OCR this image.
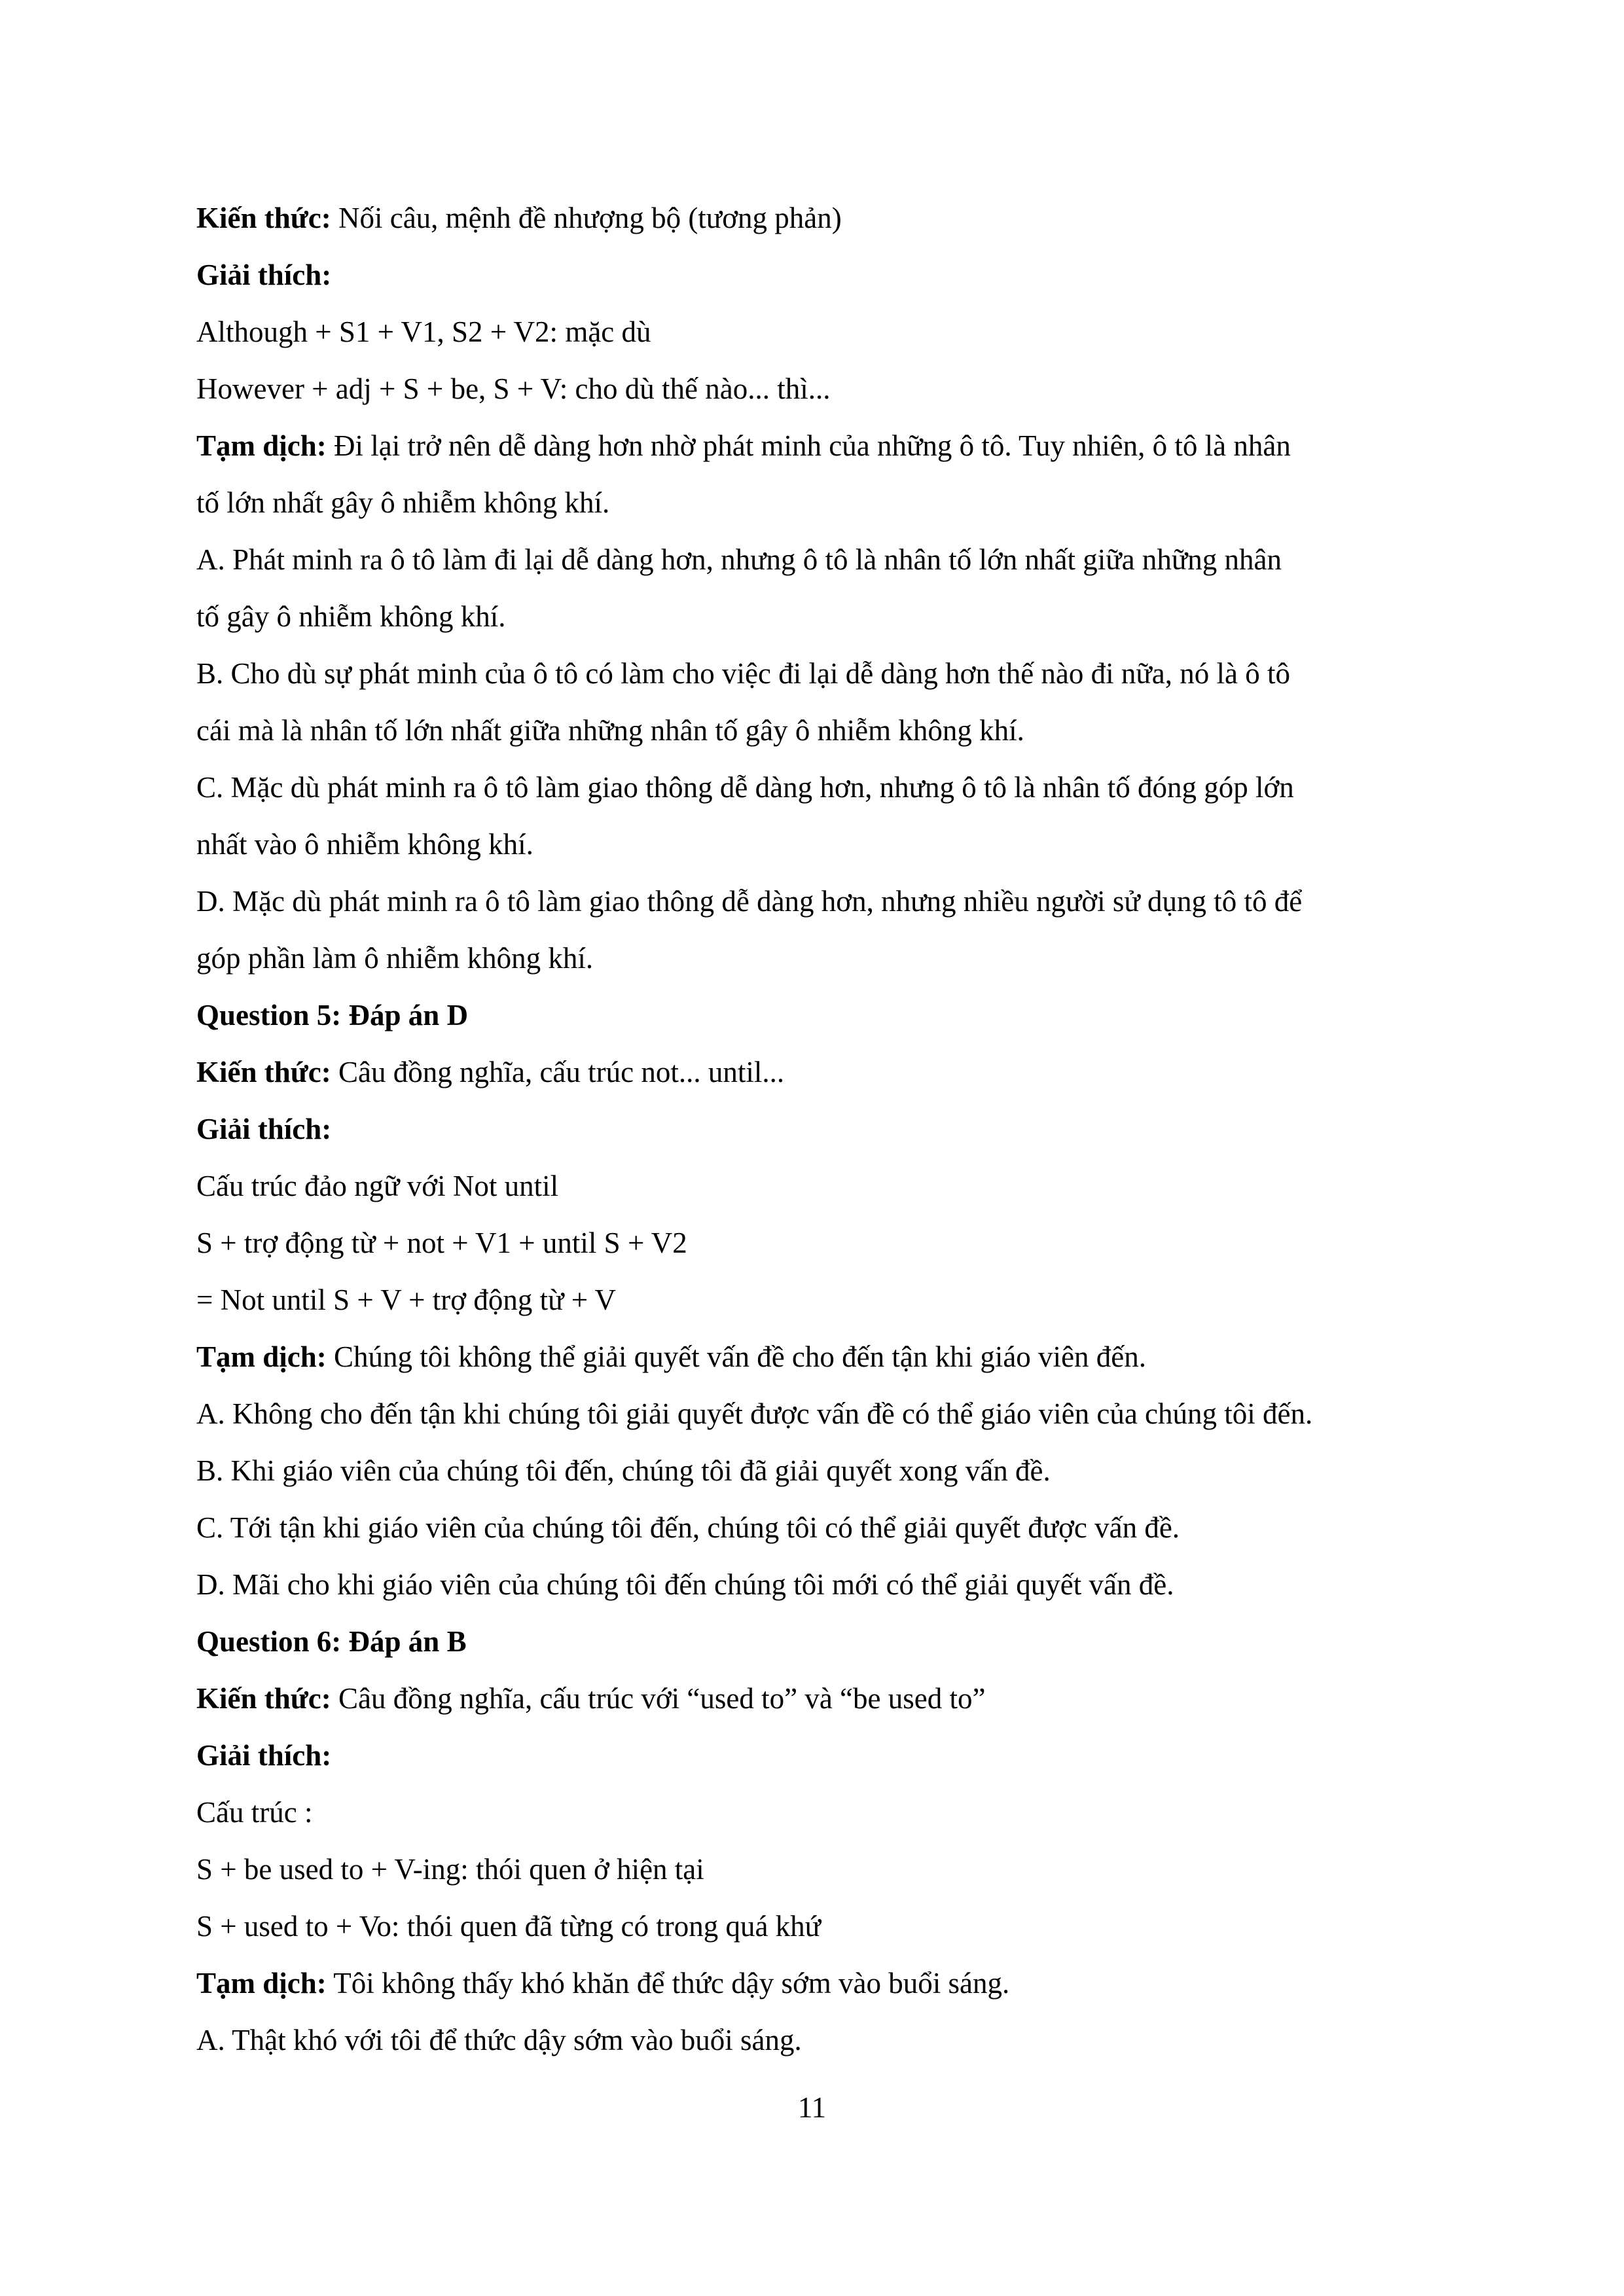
Kiến thức: Nối câu, mệnh đề nhượng bộ (tương phản)

Giải thích:

Although + S1 + V1, S2 + V2: mặc dù

However + adj + S + be, S + V: cho dù thế nào... thì...

Tạm dịch: Đi lại trở nên dễ dàng hơn nhờ phát minh của những ô tô. Tuy nhiên, ô tô là nhân

tố lớn nhất gây ô nhiễm không khí.

A. Phát minh ra ô tô làm đi lại dễ dàng hơn, nhưng ô tô là nhân tố lớn nhất giữa những nhân

tố gây ô nhiễm không khí.

B. Cho dù sự phát minh của ô tô có làm cho việc đi lại dễ dàng hơn thế nào đi nữa, nó là ô tô

cái mà là nhân tố lớn nhất giữa những nhân tố gây ô nhiễm không khí.

C. Mặc dù phát minh ra ô tô làm giao thông dễ dàng hơn, nhưng ô tô là nhân tố đóng góp lớn

nhất vào ô nhiễm không khí.

D. Mặc dù phát minh ra ô tô làm giao thông dễ dàng hơn, nhưng nhiều người sử dụng tô tô để

góp phần làm ô nhiễm không khí.

Question 5: Đáp án D

Kiến thức: Câu đồng nghĩa, cấu trúc not... until...

Giải thích:

Cấu trúc đảo ngữ với Not until

S + trợ động từ + not + V1 + until S + V2

= Not until S + V + trợ động từ + V

Tạm dịch: Chúng tôi không thể giải quyết vấn đề cho đến tận khi giáo viên đến.

A. Không cho đến tận khi chúng tôi giải quyết được vấn đề có thể giáo viên của chúng tôi đến.

B. Khi giáo viên của chúng tôi đến, chúng tôi đã giải quyết xong vấn đề.

C. Tới tận khi giáo viên của chúng tôi đến, chúng tôi có thể giải quyết được vấn đề.

D. Mãi cho khi giáo viên của chúng tôi đến chúng tôi mới có thể giải quyết vấn đề.

Question 6: Đáp án B

Kiến thức: Câu đồng nghĩa, cấu trúc với “used to” và “be used to”

Giải thích:

Cấu trúc :

S + be used to + V-ing: thói quen ở hiện tại

S + used to + Vo: thói quen đã từng có trong quá khứ

Tạm dịch: Tôi không thấy khó khăn để thức dậy sớm vào buổi sáng.

A. Thật khó với tôi để thức dậy sớm vào buổi sáng.

11
